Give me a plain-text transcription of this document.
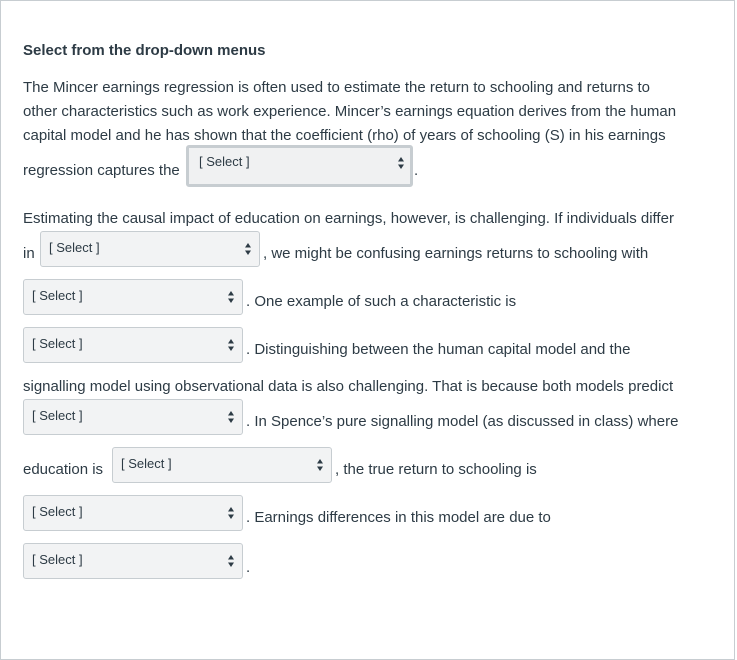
Select from the drop-down menus

The Mincer earnings regression is often used to estimate the return to schooling and returns to
other characteristics such as work experience. Mincer’s earnings equation derives from the human
capital model and he has shown that the coefficient (rho) of years of schooling (S) in his earnings
regression captures the
[ Select ]
.
Estimating the causal impact of education on earnings, however, is challenging. If individuals differ
in	[ Select ]	, we might be confusing earnings returns to schooling with
[ Select ]	. One example of such a characteristic is
[ Select ]	. Distinguishing between the human capital model and the
signalling model using observational data is also challenging. That is because both models predict
[ Select ]	. In Spence’s pure signalling model (as discussed in class) where
education is	[ Select ]	, the true return to schooling is
[ Select ]	. Earnings differences in this model are due to
[ Select ]	.
